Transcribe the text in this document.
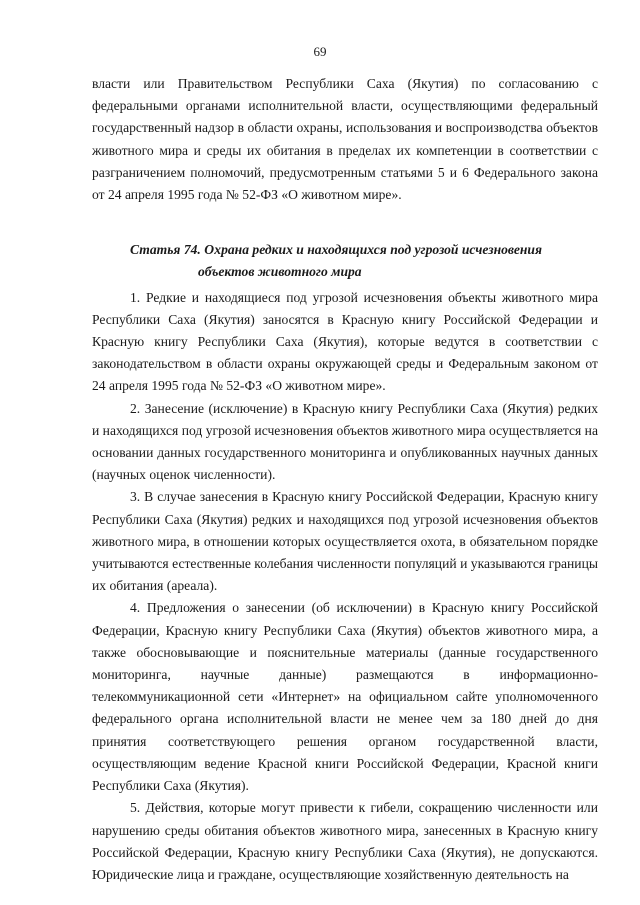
69

власти или Правительством Республики Саха (Якутия) по согласованию с федеральными органами исполнительной власти, осуществляющими федеральный государственный надзор в области охраны, использования и воспроизводства объектов животного мира и среды их обитания в пределах их компетенции в соответствии с разграничением полномочий, предусмотренным статьями 5 и 6 Федерального закона от 24 апреля 1995 года № 52-ФЗ «О животном мире».

Статья 74. Охрана редких и находящихся под угрозой исчезновения
объектов животного мира

1. Редкие и находящиеся под угрозой исчезновения объекты животного мира Республики Саха (Якутия) заносятся в Красную книгу Российской Федерации и Красную книгу Республики Саха (Якутия), которые ведутся в соответствии с законодательством в области охраны окружающей среды и Федеральным законом от 24 апреля 1995 года № 52-ФЗ «О животном мире».

2. Занесение (исключение) в Красную книгу Республики Саха (Якутия) редких и находящихся под угрозой исчезновения объектов животного мира осуществляется на основании данных государственного мониторинга и опубликованных научных данных (научных оценок численности).

3. В случае занесения в Красную книгу Российской Федерации, Красную книгу Республики Саха (Якутия) редких и находящихся под угрозой исчезновения объектов животного мира, в отношении которых осуществляется охота, в обязательном порядке учитываются естественные колебания численности популяций и указываются границы их обитания (ареала).

4. Предложения о занесении (об исключении) в Красную книгу Российской Федерации, Красную книгу Республики Саха (Якутия) объектов животного мира, а также обосновывающие и пояснительные материалы (данные государственного мониторинга, научные данные) размещаются в информационно-телекоммуникационной сети «Интернет» на официальном сайте уполномоченного федерального органа исполнительной власти не менее чем за 180 дней до дня принятия соответствующего решения органом государственной власти, осуществляющим ведение Красной книги Российской Федерации, Красной книги Республики Саха (Якутия).

5. Действия, которые могут привести к гибели, сокращению численности или нарушению среды обитания объектов животного мира, занесенных в Красную книгу Российской Федерации, Красную книгу Республики Саха (Якутия), не допускаются. Юридические лица и граждане, осуществляющие хозяйственную деятельность на
